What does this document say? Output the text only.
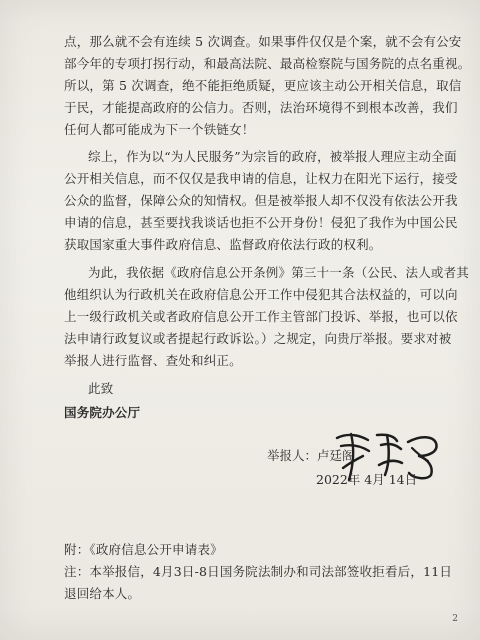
点，那么就不会有连续 5 次调查。如果事件仅仅是个案，就不会有公安
部今年的专项打拐行动，和最高法院、最高检察院与国务院的点名重视。
所以，第 5 次调查，绝不能拒绝质疑，更应该主动公开相关信息，取信
于民，才能提高政府的公信力。否则，法治环境得不到根本改善，我们
任何人都可能成为下一个铁链女！
综上，作为以“为人民服务”为宗旨的政府，被举报人理应主动全面
公开相关信息，而不仅仅是我申请的信息，让权力在阳光下运行，接受
公众的监督，保障公众的知情权。但是被举报人却不仅没有依法公开我
申请的信息，甚至要找我谈话也拒不公开身份！侵犯了我作为中国公民
获取国家重大事件政府信息、监督政府依法行政的权利。
为此，我依据《政府信息公开条例》第三十一条（公民、法人或者其
他组织认为行政机关在政府信息公开工作中侵犯其合法权益的，可以向
上一级行政机关或者政府信息公开工作主管部门投诉、举报，也可以依
法申请行政复议或者提起行政诉讼。）之规定，向贵厅举报。要求对被
举报人进行监督、查处和纠正。
此致
国务院办公厅
举报人：卢廷阁
2022年 4月 14日
附：《政府信息公开申请表》
注：本举报信，4月3日-8日国务院法制办和司法部签收拒看后，11日
退回给本人。
2
